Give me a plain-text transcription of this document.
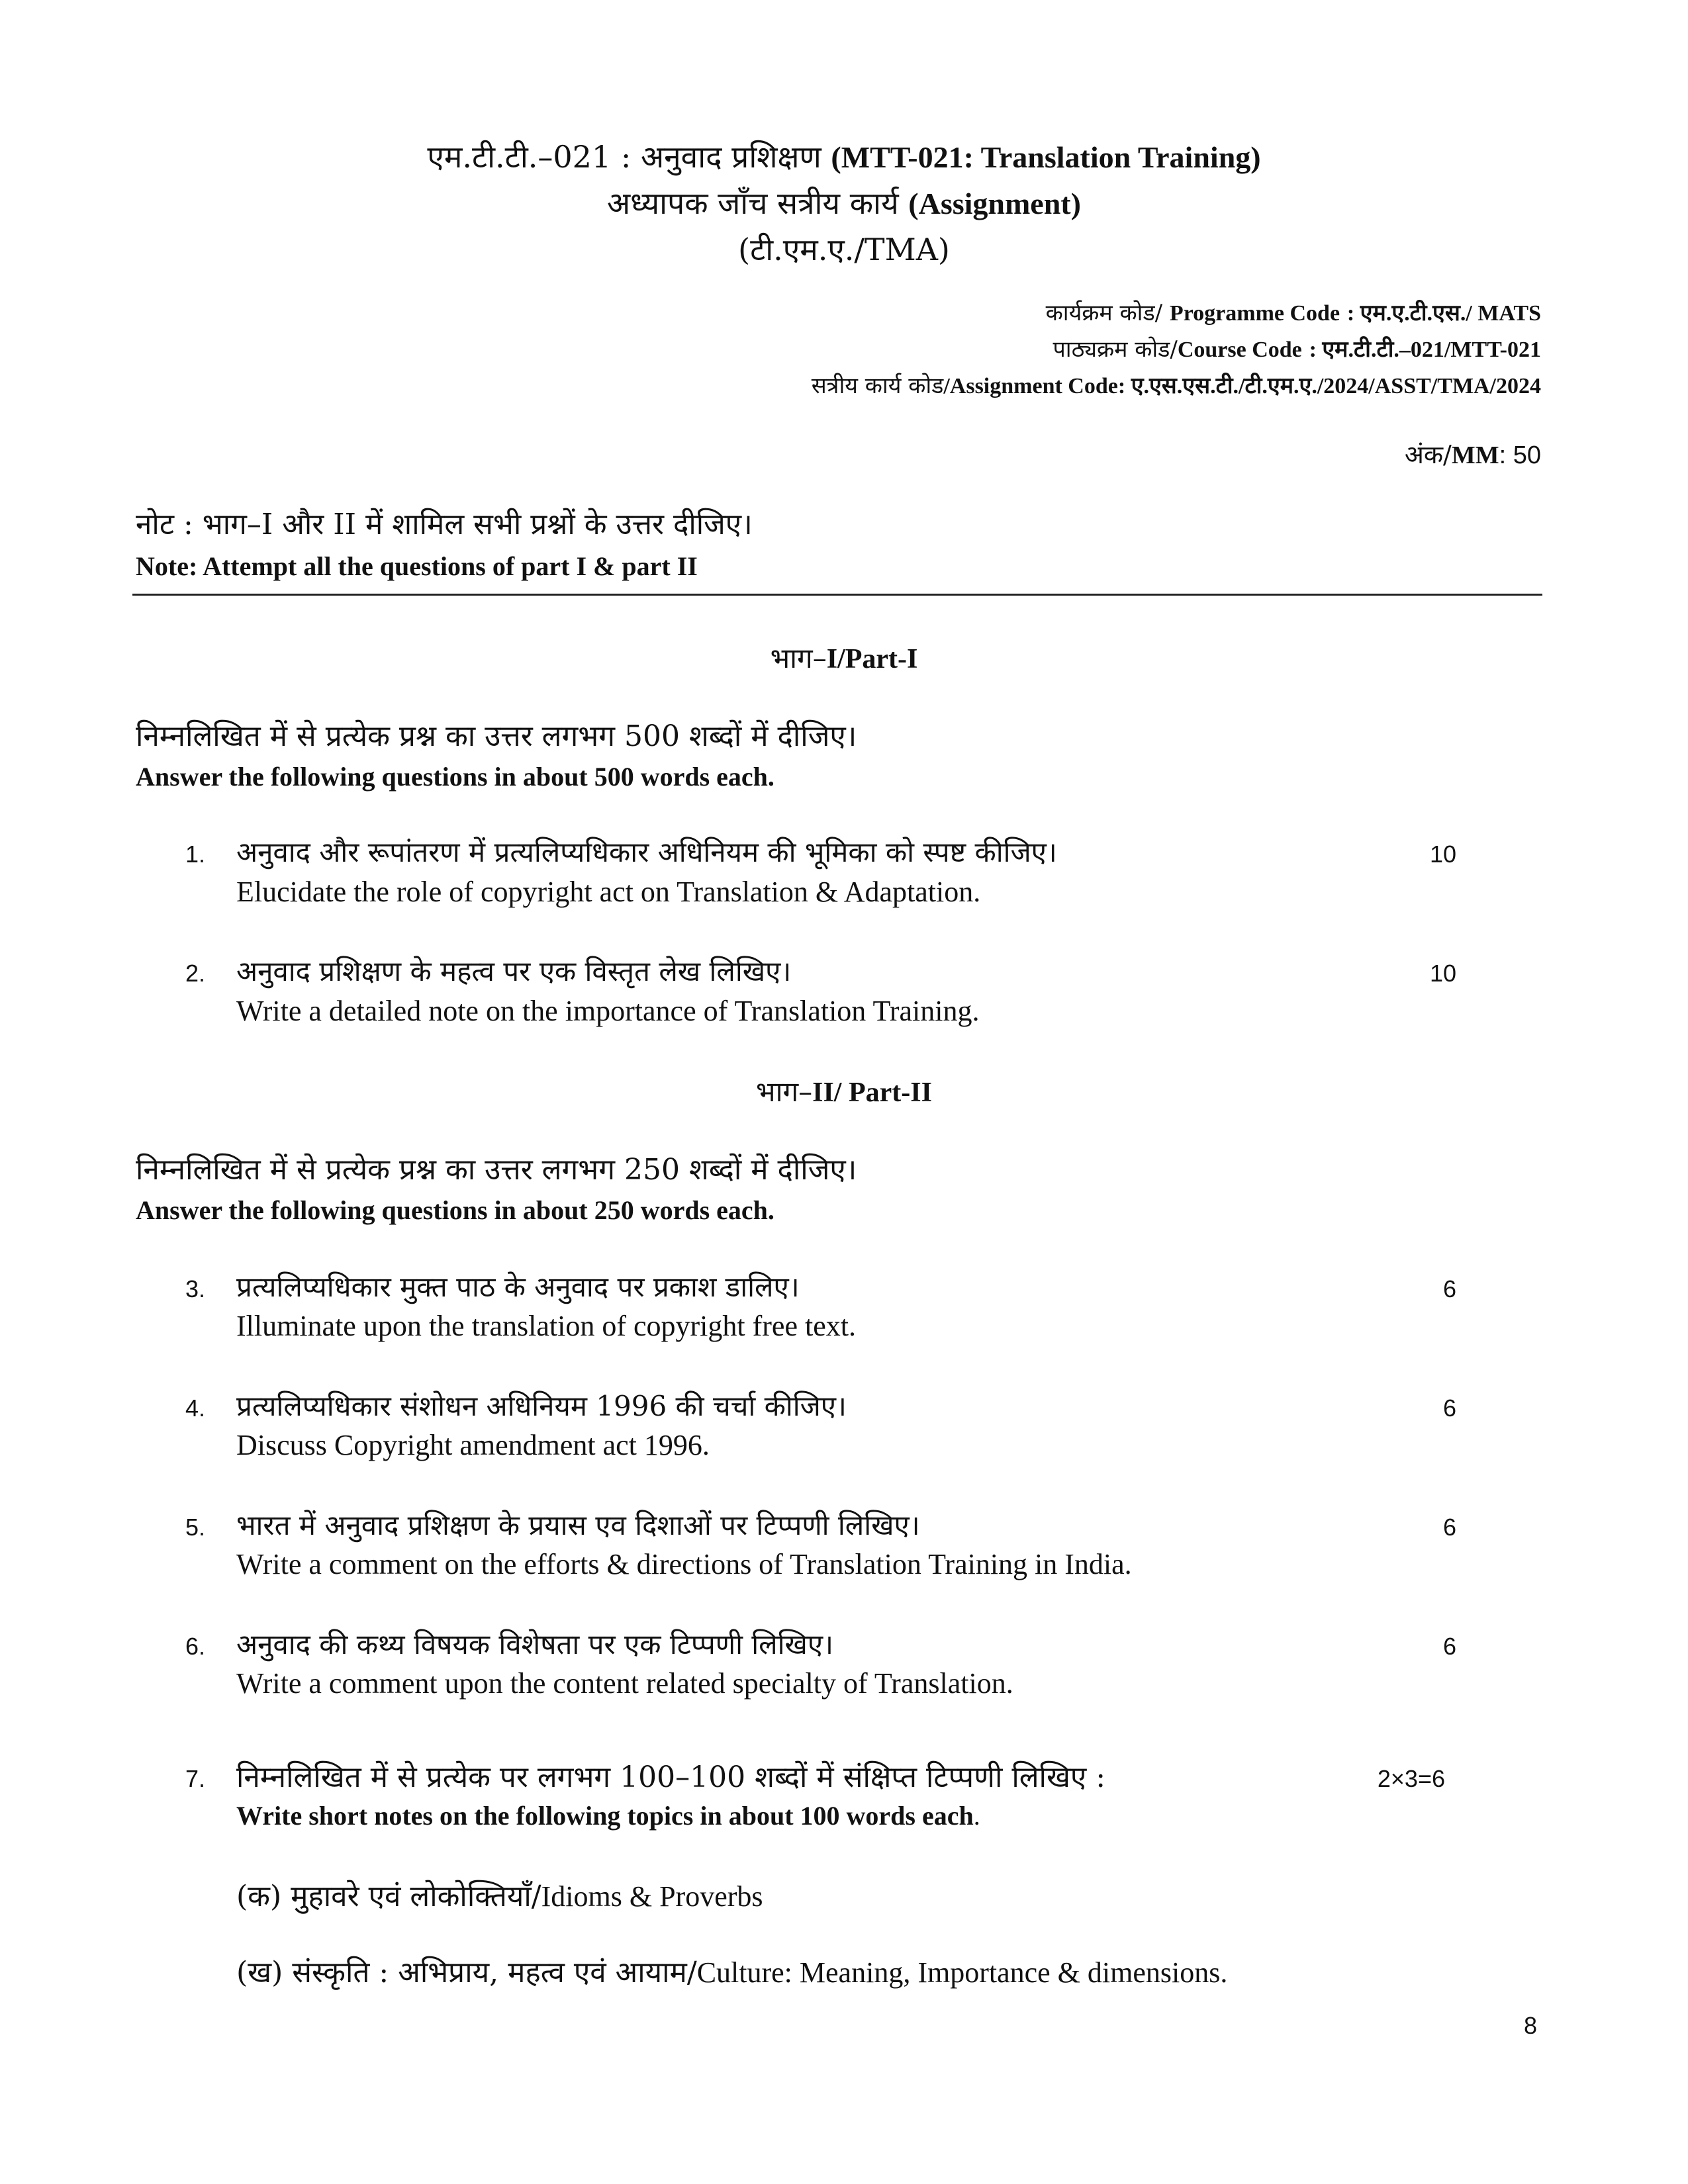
एम.टी.टी.–021 : अनुवाद प्रशिक्षण (MTT-021: Translation Training)
अध्यापक जाँच सत्रीय कार्य (Assignment)
(टी.एम.ए./TMA)
कार्यक्रम कोड/ Programme Code : एम.ए.टी.एस./ MATS
पाठ्यक्रम कोड/Course Code : एम.टी.टी.–021/MTT-021
सत्रीय कार्य कोड/Assignment Code: ए.एस.एस.टी./टी.एम.ए./2024/ASST/TMA/2024
अंक/MM: 50
नोट : भाग–I और II में शामिल सभी प्रश्नों के उत्तर दीजिए।
Note: Attempt all the questions of part I & part II
भाग–I/Part-I
निम्नलिखित में से प्रत्येक प्रश्न का उत्तर लगभग 500 शब्दों में दीजिए।
Answer the following questions in about 500 words each.
1. अनुवाद और रूपांतरण में प्रत्यलिप्यधिकार अधिनियम की भूमिका को स्पष्ट कीजिए।
Elucidate the role of copyright act on Translation & Adaptation.
10
2. अनुवाद प्रशिक्षण के महत्व पर एक विस्तृत लेख लिखिए।
Write a detailed note on the importance of Translation Training.
10
भाग–II/ Part-II
निम्नलिखित में से प्रत्येक प्रश्न का उत्तर लगभग 250 शब्दों में दीजिए।
Answer the following questions in about 250 words each.
3. प्रत्यलिप्यधिकार मुक्त पाठ के अनुवाद पर प्रकाश डालिए।
Illuminate upon the translation of copyright free text.
6
4. प्रत्यलिप्यधिकार संशोधन अधिनियम 1996 की चर्चा कीजिए।
Discuss Copyright amendment act 1996.
6
5. भारत में अनुवाद प्रशिक्षण के प्रयास एव दिशाओं पर टिप्पणी लिखिए।
Write a comment on the efforts & directions of Translation Training in India.
6
6. अनुवाद की कथ्य विषयक विशेषता पर एक टिप्पणी लिखिए।
Write a comment upon the content related specialty of Translation.
6
7. निम्नलिखित में से प्रत्येक पर लगभग 100–100 शब्दों में संक्षिप्त टिप्पणी लिखिए :
Write short notes on the following topics in about 100 words each.
2×3=6
(क) मुहावरे एवं लोकोक्तियाँ/Idioms & Proverbs
(ख) संस्कृति : अभिप्राय, महत्व एवं आयाम/Culture: Meaning, Importance & dimensions.
8
